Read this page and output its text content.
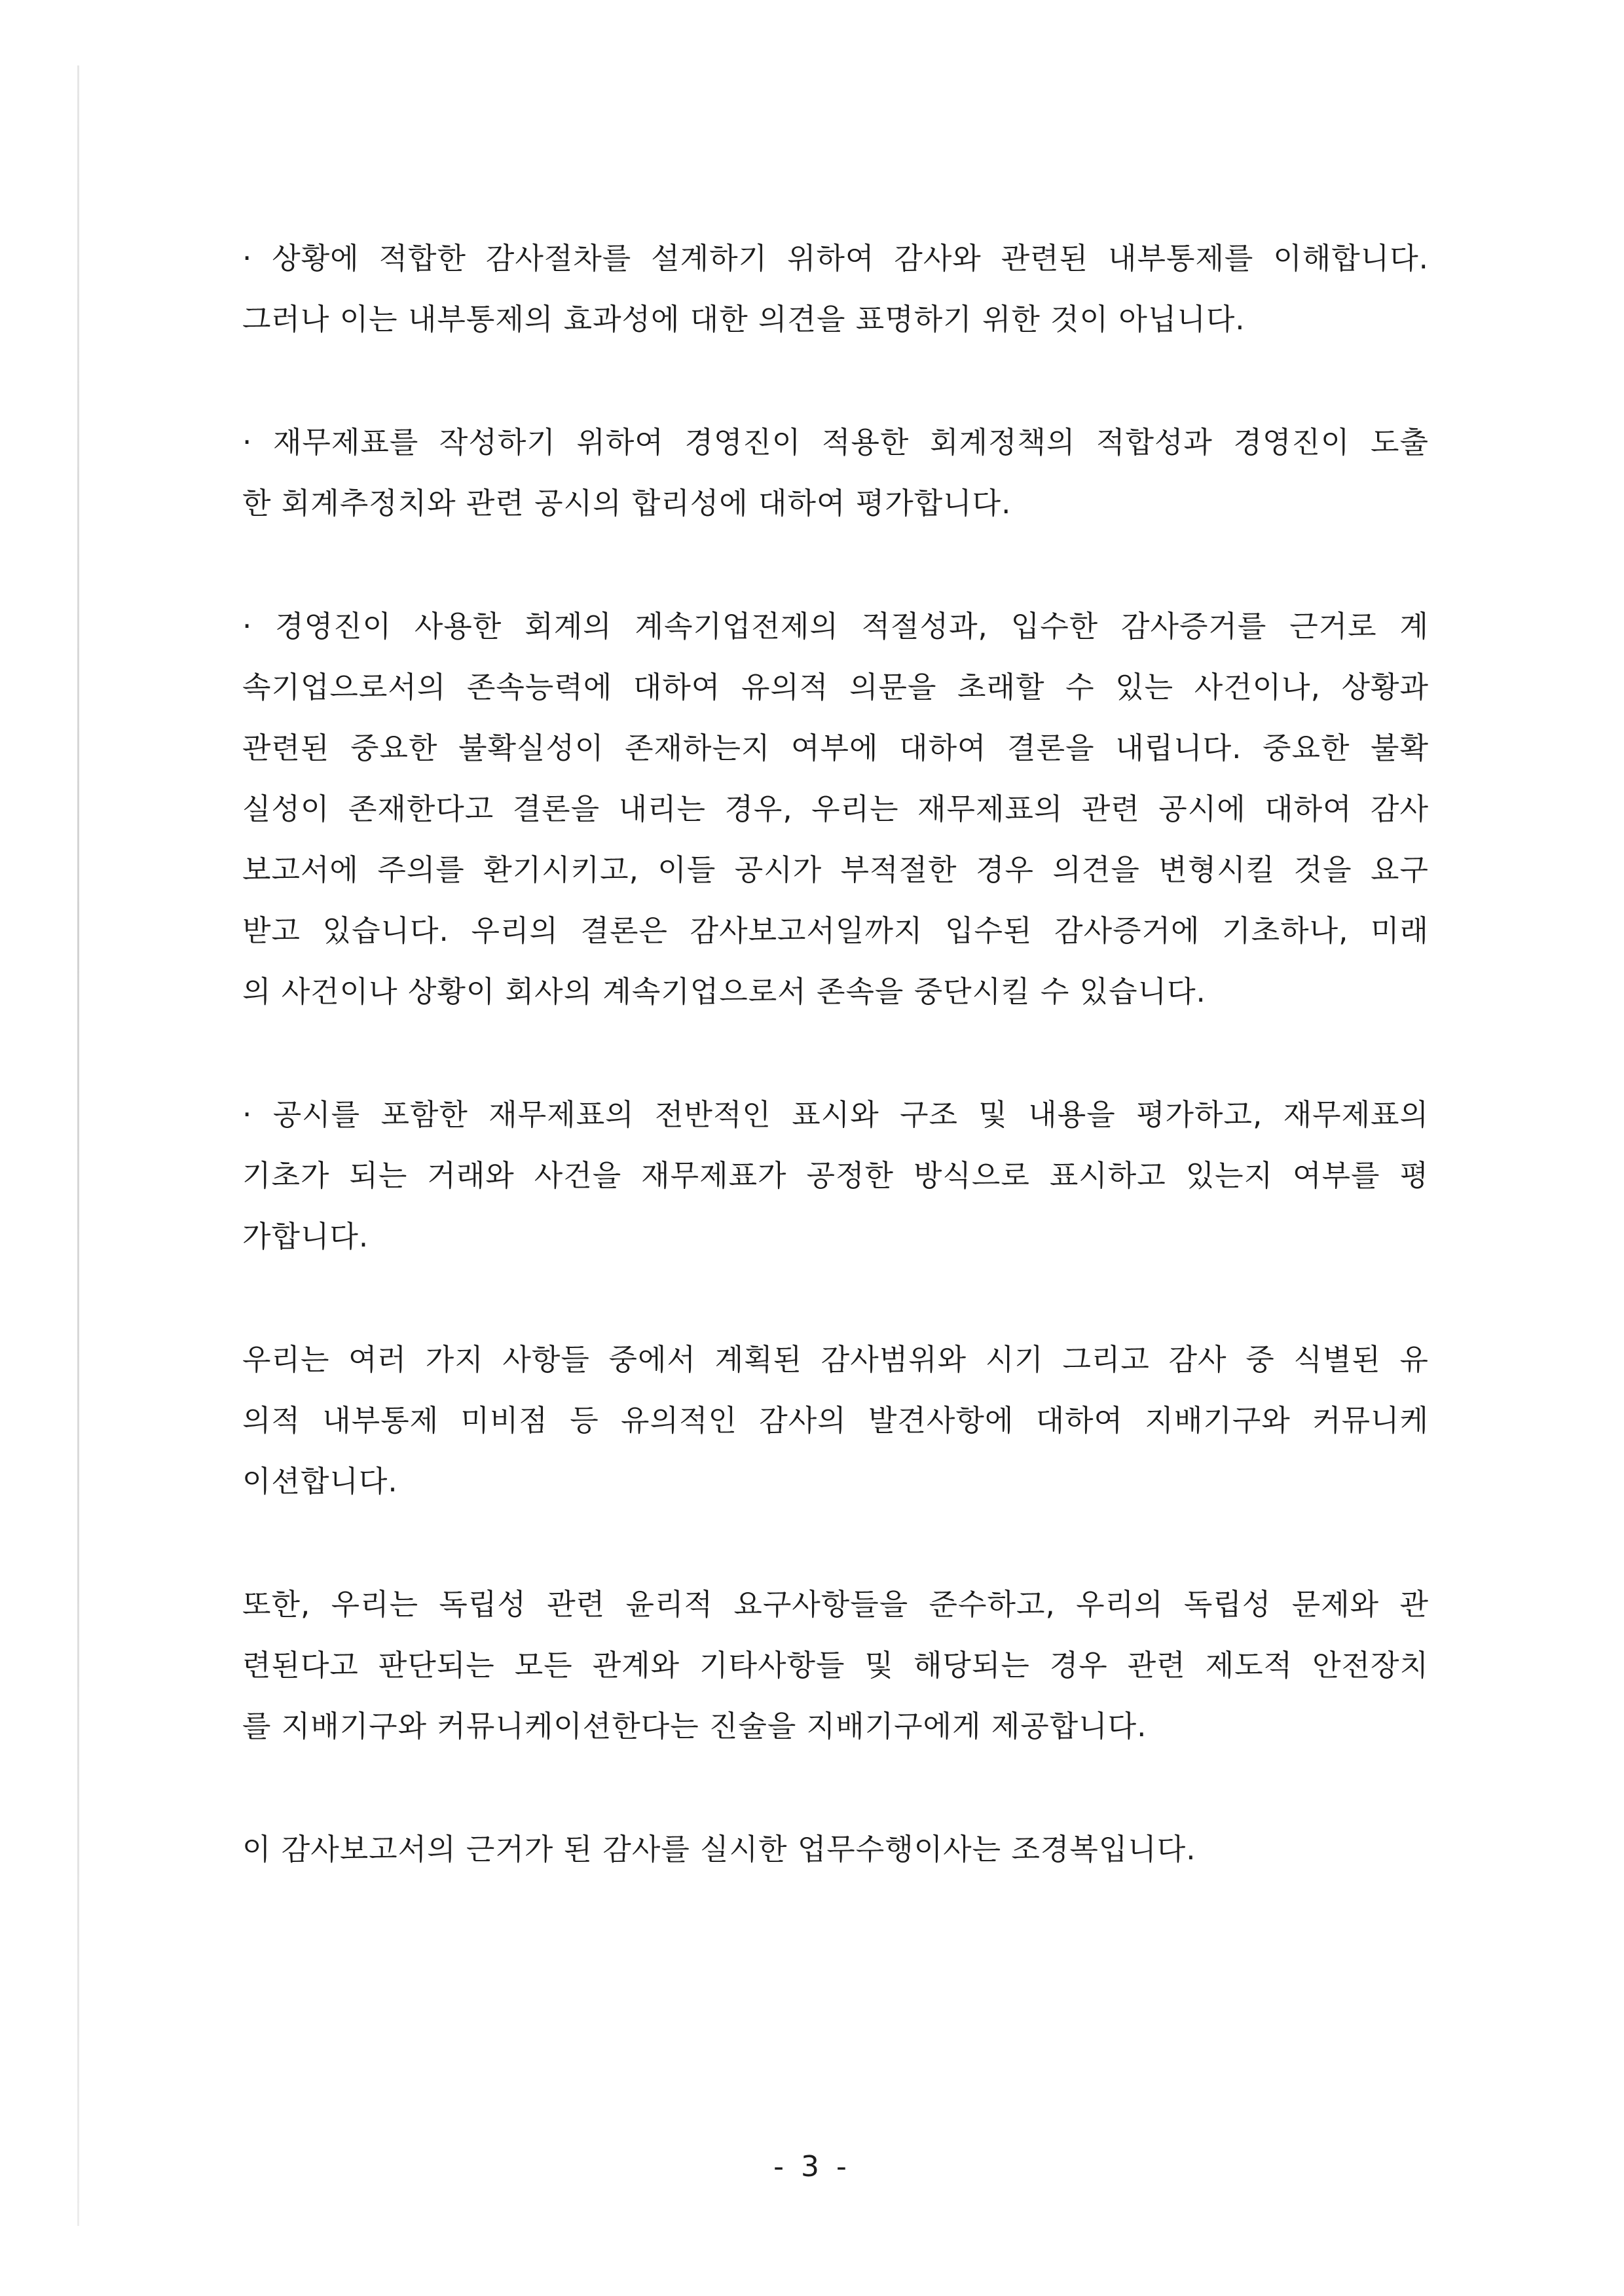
· 상황에 적합한 감사절차를 설계하기 위하여 감사와 관련된 내부통제를 이해합니다.
그러나 이는 내부통제의 효과성에 대한 의견을 표명하기 위한 것이 아닙니다.

· 재무제표를 작성하기 위하여 경영진이 적용한 회계정책의 적합성과 경영진이 도출
한 회계추정치와 관련 공시의 합리성에 대하여 평가합니다.

· 경영진이 사용한 회계의 계속기업전제의 적절성과, 입수한 감사증거를 근거로 계
속기업으로서의 존속능력에 대하여 유의적 의문을 초래할 수 있는 사건이나, 상황과
관련된 중요한 불확실성이 존재하는지 여부에 대하여 결론을 내립니다. 중요한 불확
실성이 존재한다고 결론을 내리는 경우, 우리는 재무제표의 관련 공시에 대하여 감사
보고서에 주의를 환기시키고, 이들 공시가 부적절한 경우 의견을 변형시킬 것을 요구
받고 있습니다. 우리의 결론은 감사보고서일까지 입수된 감사증거에 기초하나, 미래
의 사건이나 상황이 회사의 계속기업으로서 존속을 중단시킬 수 있습니다.

· 공시를 포함한 재무제표의 전반적인 표시와 구조 및 내용을 평가하고, 재무제표의
기초가 되는 거래와 사건을 재무제표가 공정한 방식으로 표시하고 있는지 여부를 평
가합니다.

우리는 여러 가지 사항들 중에서 계획된 감사범위와 시기 그리고 감사 중 식별된 유
의적 내부통제 미비점 등 유의적인 감사의 발견사항에 대하여 지배기구와 커뮤니케
이션합니다.

또한, 우리는 독립성 관련 윤리적 요구사항들을 준수하고, 우리의 독립성 문제와 관
련된다고 판단되는 모든 관계와 기타사항들 및 해당되는 경우 관련 제도적 안전장치
를 지배기구와 커뮤니케이션한다는 진술을 지배기구에게 제공합니다.

이 감사보고서의 근거가 된 감사를 실시한 업무수행이사는 조경복입니다.

- 3 -
